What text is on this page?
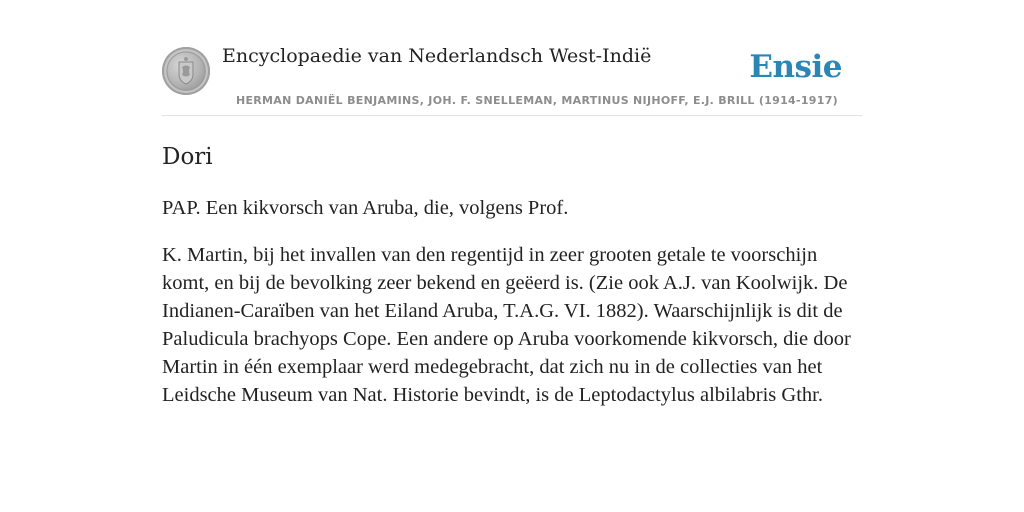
Encyclopaedie van Nederlandsch West-Indië	Ensie
HERMAN DANIËL BENJAMINS, JOH. F. SNELLEMAN, MARTINUS NIJHOFF, E.J. BRILL (1914-1917)
Dori

PAP. Een kikvorsch van Aruba, die, volgens Prof.

K. Martin, bij het invallen van den regentijd in zeer grooten getale te voorschijn komt, en bij de bevolking zeer bekend en geëerd is. (Zie ook A.J. van Koolwijk. De Indianen-Caraïben van het Eiland Aruba, T.A.G. VI. 1882). Waarschijnlijk is dit de Paludicula brachyops Cope. Een andere op Aruba voorkomende kikvorsch, die door Martin in één exemplaar werd medegebracht, dat zich nu in de collecties van het Leidsche Museum van Nat. Historie bevindt, is de Leptodactylus albilabris Gthr.
